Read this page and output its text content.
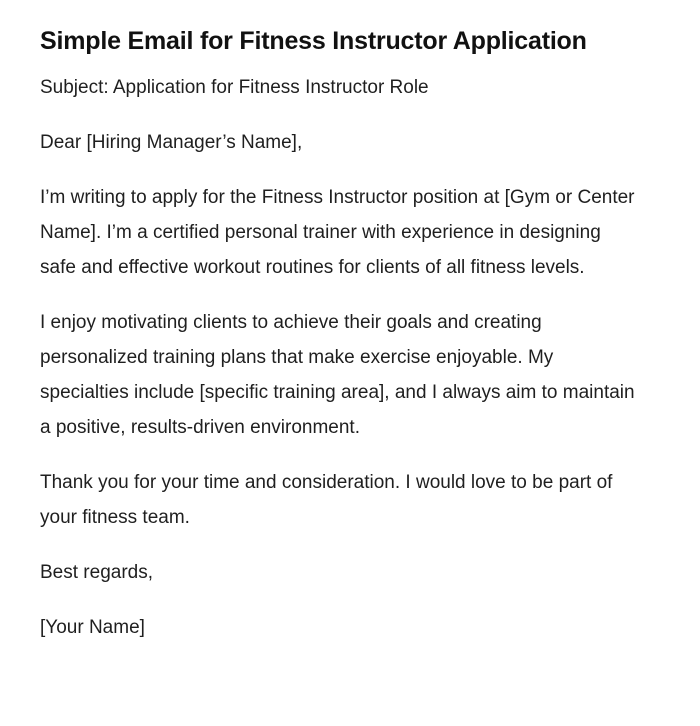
Simple Email for Fitness Instructor Application

Subject: Application for Fitness Instructor Role

Dear [Hiring Manager’s Name],

I’m writing to apply for the Fitness Instructor position at [Gym or Center Name]. I’m a certified personal trainer with experience in designing safe and effective workout routines for clients of all fitness levels.

I enjoy motivating clients to achieve their goals and creating personalized training plans that make exercise enjoyable. My specialties include [specific training area], and I always aim to maintain a positive, results-driven environment.

Thank you for your time and consideration. I would love to be part of your fitness team.

Best regards,

[Your Name]
